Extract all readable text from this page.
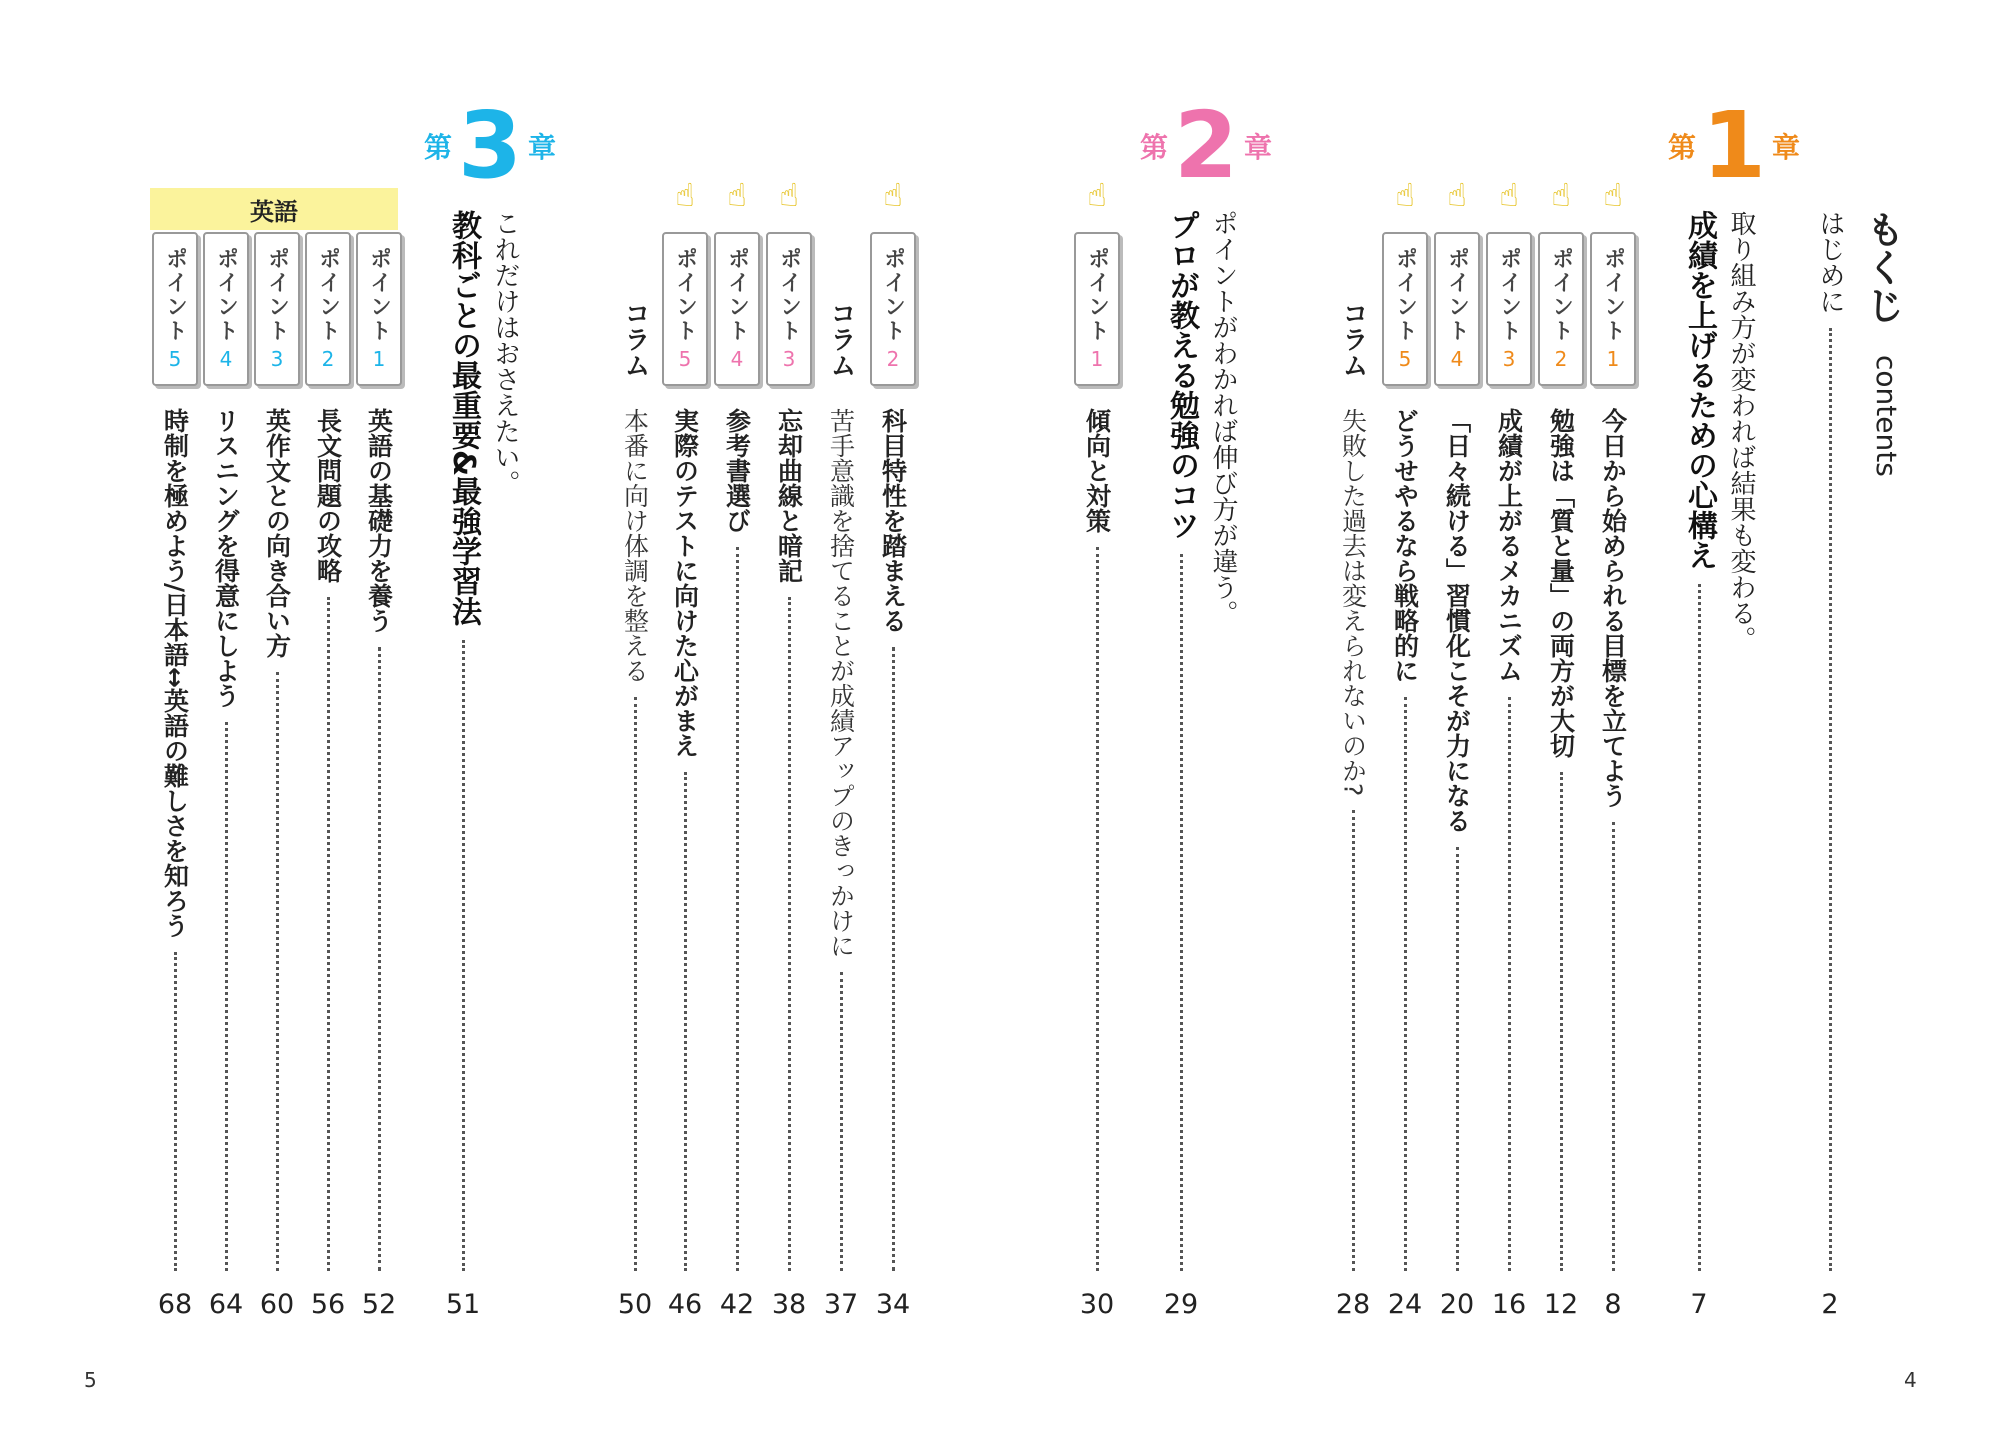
もくじ
contents
はじめに
2
第 1 章
取り組み方が変われば結果も変わる。
成績を上げるための心構え
7
☝
ポイント
1
今日から始められる目標を立てよう
8
☝
ポイント
2
勉強は「質と量」の両方が大切
12
☝
ポイント
3
成績が上がるメカニズム
16
☝
ポイント
4
「日々続ける」習慣化こそが力になる
20
☝
ポイント
5
どうせやるなら戦略的に
24
コラム
失敗した過去は変えられないのか?
28
第 2 章
ポイントがわかれば伸び方が違う。
プロが教える勉強のコツ
29
☝
ポイント
1
傾向と対策
30
☝
ポイント
2
科目特性を踏まえる
34
コラム
苦手意識を捨てることが成績アップのきっかけに
37
☝
ポイント
3
忘却曲線と暗記
38
☝
ポイント
4
参考書選び
42
☝
ポイント
5
実際のテストに向けた心がまえ
46
コラム
本番に向け体調を整える
50
第 3 章
これだけはおさえたい。
教科ごとの最重要&最強学習法
51
英語
ポイント
1
英語の基礎力を養う
52
ポイント
2
長文問題の攻略
56
ポイント
3
英作文との向き合い方
60
ポイント
4
リスニングを得意にしよう
64
ポイント
5
時制を極めよう/日本語↔英語の難しさを知ろう
68
5	4
